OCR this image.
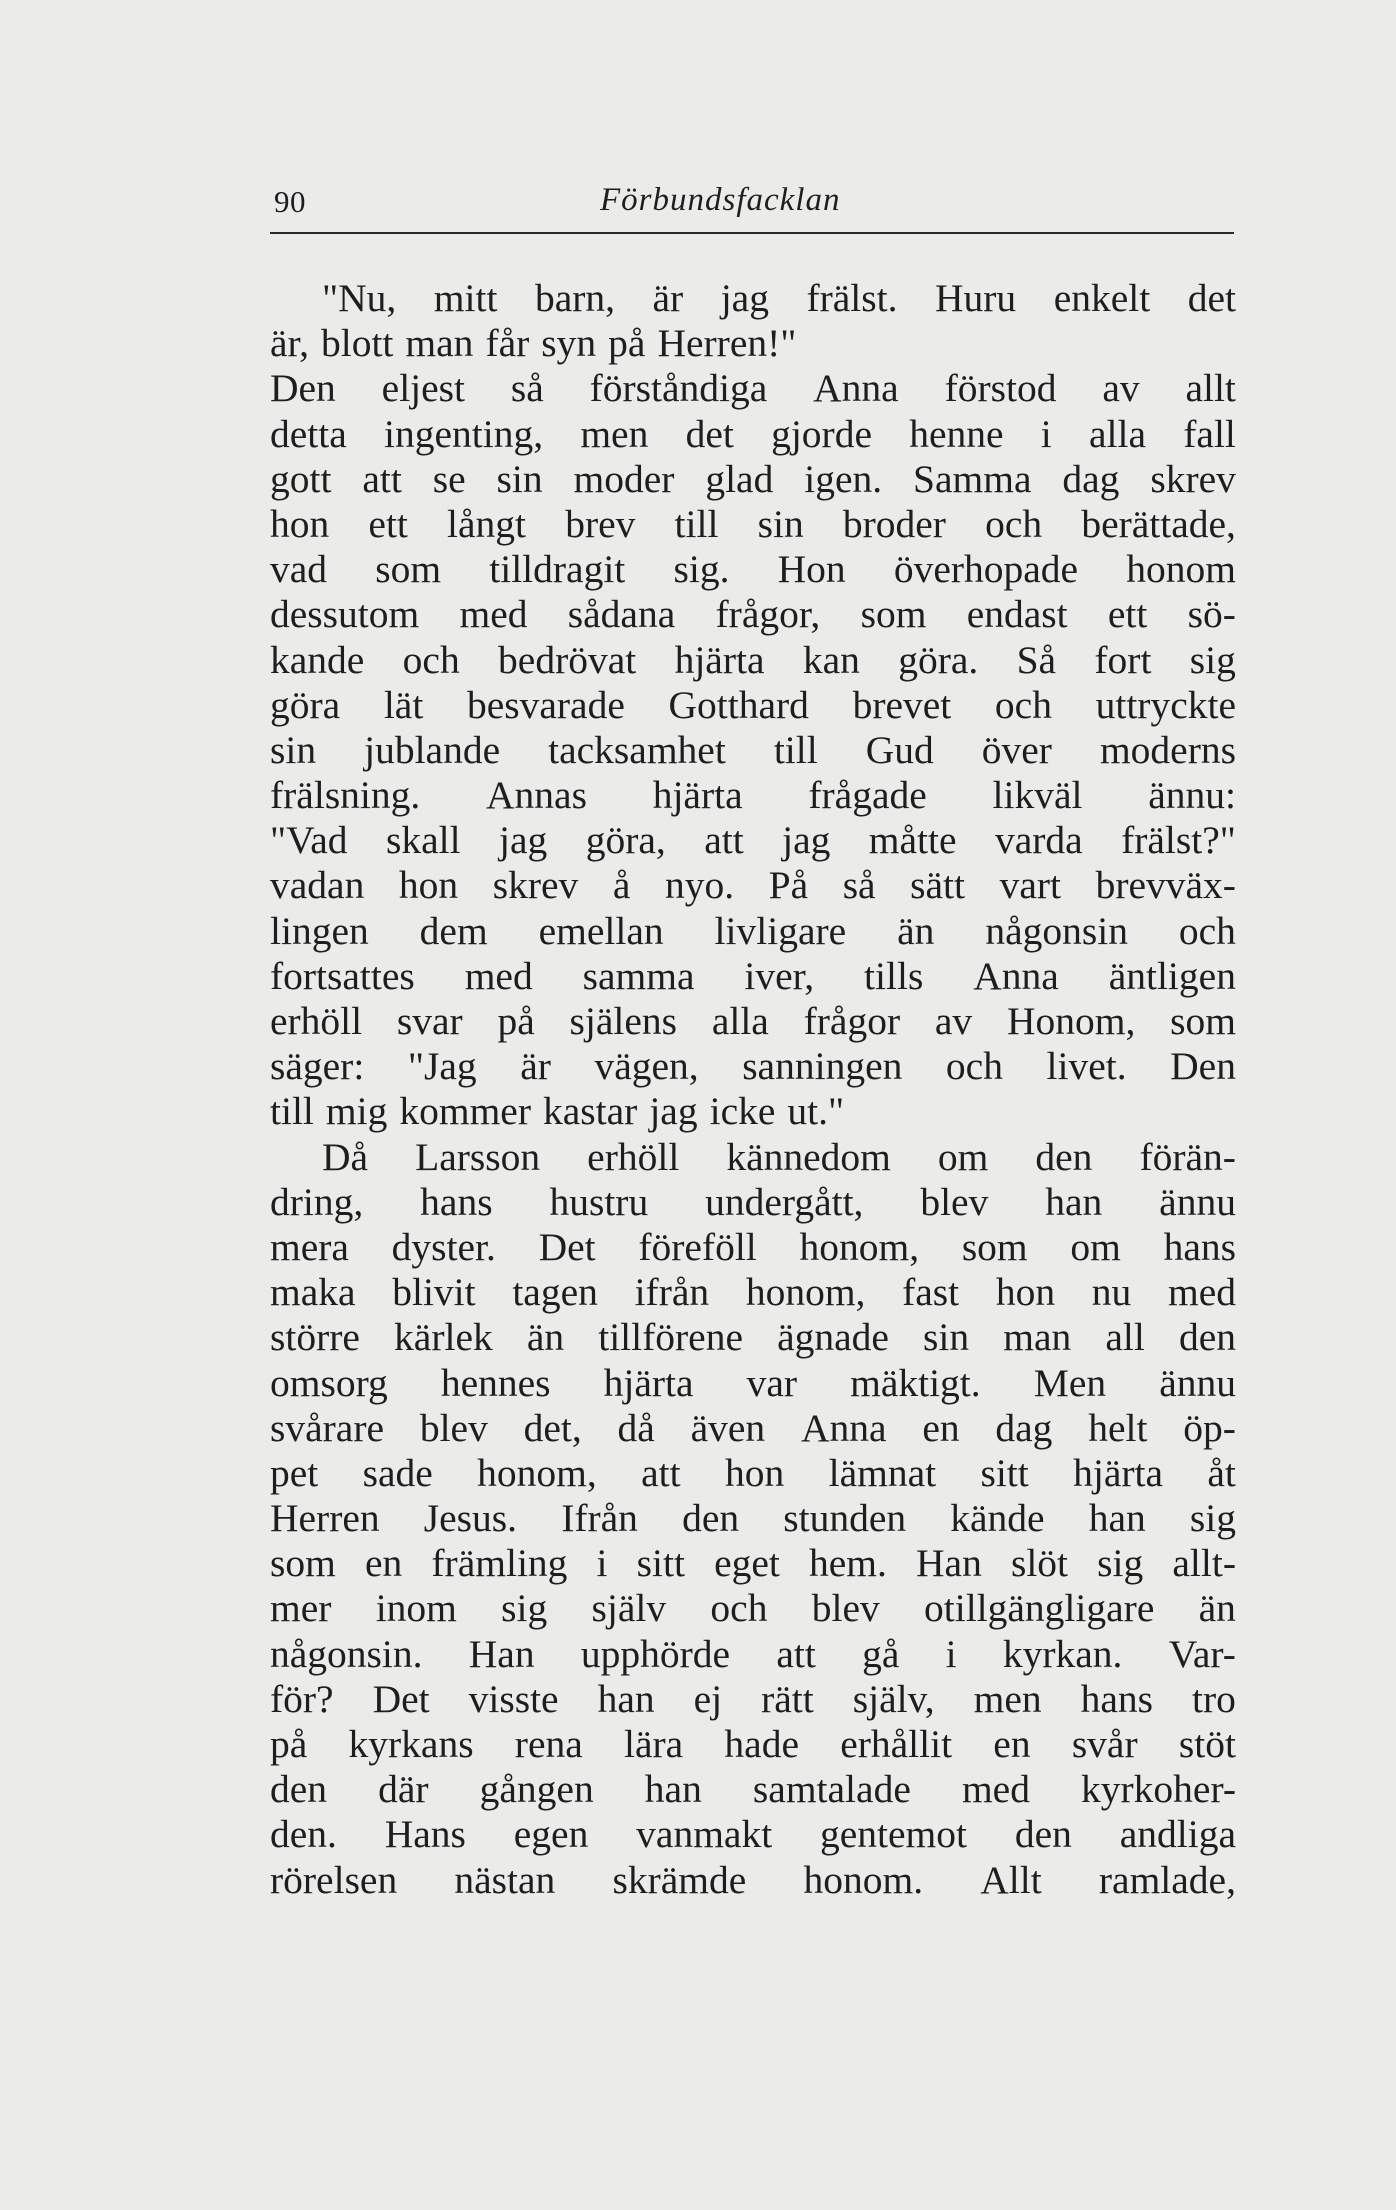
90	Förbundsfacklan
"Nu, mitt barn, är jag frälst. Huru enkelt det
är, blott man får syn på Herren!"
Den eljest så förståndiga Anna förstod av allt
detta ingenting, men det gjorde henne i alla fall
gott att se sin moder glad igen. Samma dag skrev
hon ett långt brev till sin broder och berättade,
vad som tilldragit sig. Hon överhopade honom
dessutom med sådana frågor, som endast ett sö-
kande och bedrövat hjärta kan göra. Så fort sig
göra lät besvarade Gotthard brevet och uttryckte
sin jublande tacksamhet till Gud över moderns
frälsning. Annas hjärta frågade likväl ännu:
"Vad skall jag göra, att jag måtte varda frälst?"
vadan hon skrev å nyo. På så sätt vart brevväx-
lingen dem emellan livligare än någonsin och
fortsattes med samma iver, tills Anna äntligen
erhöll svar på själens alla frågor av Honom, som
säger: "Jag är vägen, sanningen och livet. Den
till mig kommer kastar jag icke ut."
Då Larsson erhöll kännedom om den förän-
dring, hans hustru undergått, blev han ännu
mera dyster. Det föreföll honom, som om hans
maka blivit tagen ifrån honom, fast hon nu med
större kärlek än tillförene ägnade sin man all den
omsorg hennes hjärta var mäktigt. Men ännu
svårare blev det, då även Anna en dag helt öp-
pet sade honom, att hon lämnat sitt hjärta åt
Herren Jesus. Ifrån den stunden kände han sig
som en främling i sitt eget hem. Han slöt sig allt-
mer inom sig själv och blev otillgängligare än
någonsin. Han upphörde att gå i kyrkan. Var-
för? Det visste han ej rätt själv, men hans tro
på kyrkans rena lära hade erhållit en svår stöt
den där gången han samtalade med kyrkoher-
den. Hans egen vanmakt gentemot den andliga
rörelsen nästan skrämde honom. Allt ramlade,
